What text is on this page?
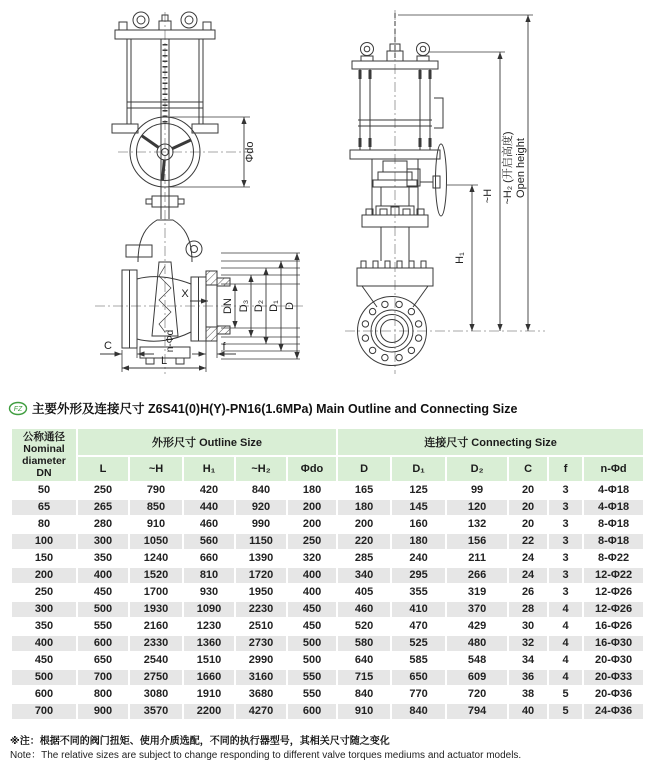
Φdo
X
DN D₃ D₂ D₁ D
C
L
f
n-Φd
H₁
~H ~H₂ (开启高度) Open height
FZ 主要外形及连接尺寸 Z6S41(0)H(Y)-PN16(1.6MPa) Main Outline and Connecting Size
公称通径
Nominal
diameter
DN	外形尺寸 Outline Size					连接尺寸 Connecting Size					
	L	~H	H₁	~H₂	Φdo	D	D₁	D₂	C	f	n-Φd
50	250	790	420	840	180	165	125	99	20	3	4-Φ18
65	265	850	440	920	200	180	145	120	20	3	4-Φ18
80	280	910	460	990	200	200	160	132	20	3	8-Φ18
100	300	1050	560	1150	250	220	180	156	22	3	8-Φ18
150	350	1240	660	1390	320	285	240	211	24	3	8-Φ22
200	400	1520	810	1720	400	340	295	266	24	3	12-Φ22
250	450	1700	930	1950	400	405	355	319	26	3	12-Φ26
300	500	1930	1090	2230	450	460	410	370	28	4	12-Φ26
350	550	2160	1230	2510	450	520	470	429	30	4	16-Φ26
400	600	2330	1360	2730	500	580	525	480	32	4	16-Φ30
450	650	2540	1510	2990	500	640	585	548	34	4	20-Φ30
500	700	2750	1660	3160	550	715	650	609	36	4	20-Φ33
600	800	3080	1910	3680	550	840	770	720	38	5	20-Φ36
700	900	3570	2200	4270	600	910	840	794	40	5	24-Φ36
※注：根据不同的阀门扭矩、使用介质选配，不同的执行器型号，其相关尺寸随之变化
Note：The relative sizes are subject to change responding to different valve torques mediums and actuator models.
